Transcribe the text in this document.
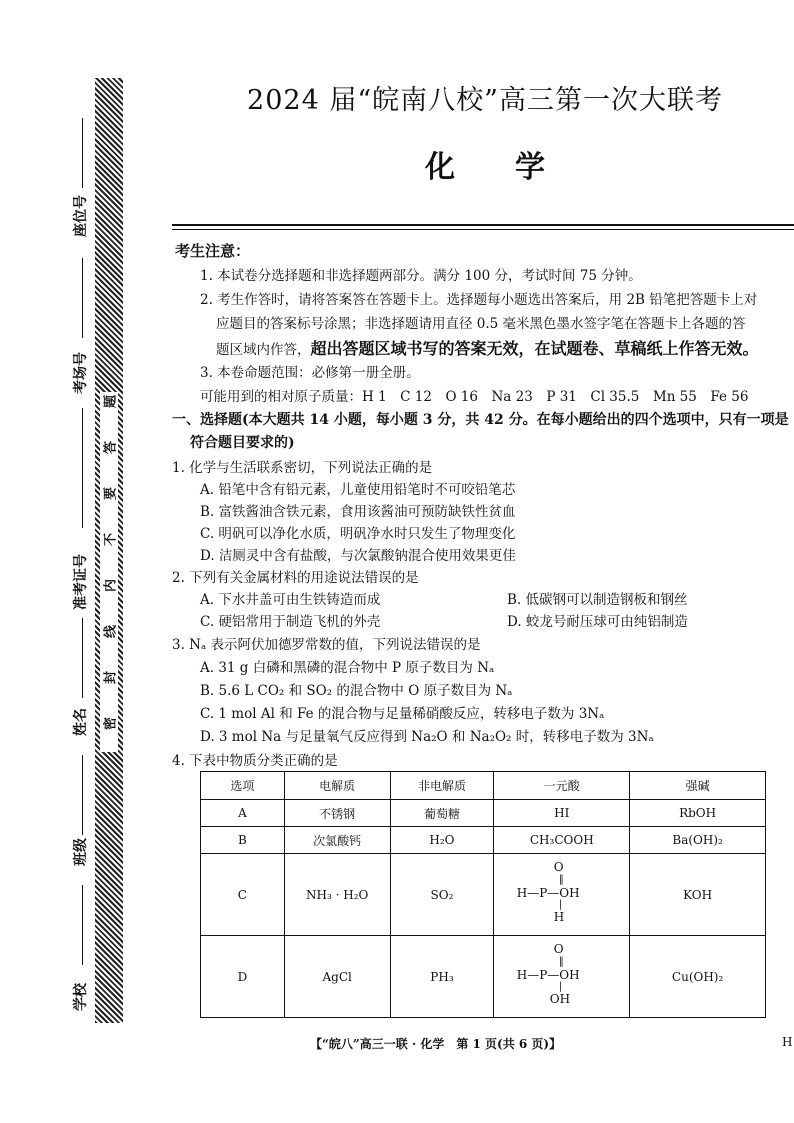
题
答
要
不
内
线
封
密
座位号
考场号
准考证号
姓名
班级
学校
2024 届“皖南八校”高三第一次大联考
化学
考生注意：
1. 本试卷分选择题和非选择题两部分。满分 100 分，考试时间 75 分钟。
2. 考生作答时，请将答案答在答题卡上。选择题每小题选出答案后，用 2B 铅笔把答题卡上对
应题目的答案标号涂黑；非选择题请用直径 0.5 毫米黑色墨水签字笔在答题卡上各题的答
题区域内作答，超出答题区域书写的答案无效，在试题卷、草稿纸上作答无效。
3. 本卷命题范围：必修第一册全册。
可能用到的相对原子质量：H 1　C 12　O 16　Na 23　P 31　Cl 35.5　Mn 55　Fe 56
一、选择题(本大题共 14 小题，每小题 3 分，共 42 分。在每小题给出的四个选项中，只有一项是
符合题目要求的)
1. 化学与生活联系密切，下列说法正确的是
A. 铅笔中含有铅元素，儿童使用铅笔时不可咬铅笔芯
B. 富铁酱油含铁元素，食用该酱油可预防缺铁性贫血
C. 明矾可以净化水质，明矾净水时只发生了物理变化
D. 洁厕灵中含有盐酸，与次氯酸钠混合使用效果更佳
2. 下列有关金属材料的用途说法错误的是
A. 下水井盖可由生铁铸造而成	B. 低碳钢可以制造钢板和钢丝
C. 硬铝常用于制造飞机的外壳	D. 蛟龙号耐压球可由纯铝制造
3. Nₐ 表示阿伏加德罗常数的值，下列说法错误的是
A. 31 g 白磷和黑磷的混合物中 P 原子数目为 Nₐ
B. 5.6 L CO₂ 和 SO₂ 的混合物中 O 原子数目为 Nₐ
C. 1 mol Al 和 Fe 的混合物与足量稀硝酸反应，转移电子数为 3Nₐ
D. 3 mol Na 与足量氧气反应得到 Na₂O 和 Na₂O₂ 时，转移电子数为 3Nₐ
4. 下表中物质分类正确的是
选项	电解质	非电解质	一元酸	强碱
A	不锈钢	葡萄糖	HI	RbOH
B	次氯酸钙	H₂O	CH₃COOH	Ba(OH)₂
C	NH₃ · H₂O	SO₂	O
‖
H—P—OH
|
H	KOH
D	AgCl	PH₃	O
‖
H—P—OH
|
OH	Cu(OH)₂
【“皖八”高三一联 · 化学　第 1 页(共 6 页)】	H
